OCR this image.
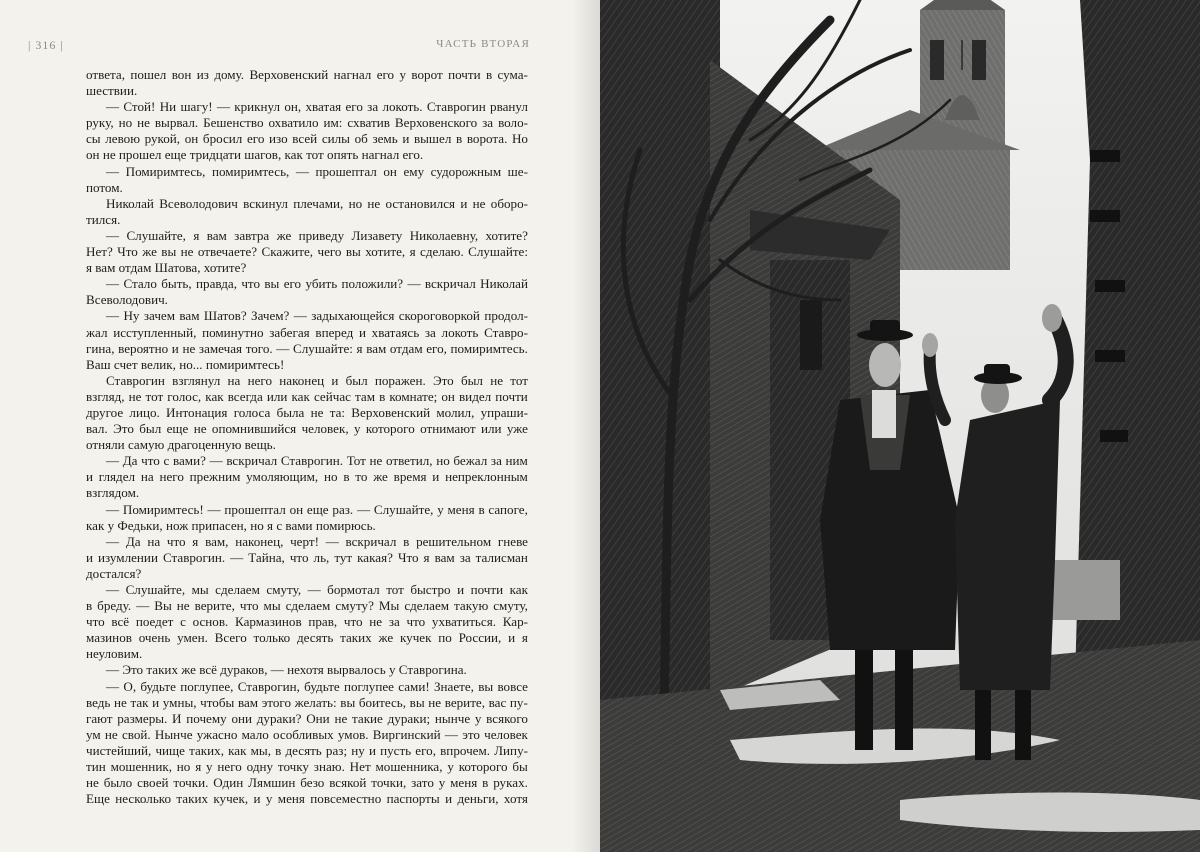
| 316 |	ЧАСТЬ ВТОРАЯ
ответа, пошел вон из дому. Верховенский нагнал его у ворот почти в сума-
шествии.
— Стой! Ни шагу! — крикнул он, хватая его за локоть. Ставрогин рванул
руку, но не вырвал. Бешенство охватило им: схватив Верховенского за воло-
сы левою рукой, он бросил его изо всей силы об земь и вышел в ворота. Но
он не прошел еще тридцати шагов, как тот опять нагнал его.
— Помиримтесь, помиримтесь, — прошептал он ему судорожным ше-
потом.
Николай Всеволодович вскинул плечами, но не остановился и не оборо-
тился.
— Слушайте, я вам завтра же приведу Лизавету Николаевну, хотите?
Нет? Что же вы не отвечаете? Скажите, чего вы хотите, я сделаю. Слушайте:
я вам отдам Шатова, хотите?
— Стало быть, правда, что вы его убить положили? — вскричал Николай
Всеволодович.
— Ну зачем вам Шатов? Зачем? — задыхающейся скороговоркой продол-
жал исступленный, поминутно забегая вперед и хватаясь за локоть Ставро-
гина, вероятно и не замечая того. — Слушайте: я вам отдам его, помиримтесь.
Ваш счет велик, но... помиримтесь!
Ставрогин взглянул на него наконец и был поражен. Это был не тот
взгляд, не тот голос, как всегда или как сейчас там в комнате; он видел почти
другое лицо. Интонация голоса была не та: Верховенский молил, упраши-
вал. Это был еще не опомнившийся человек, у которого отнимают или уже
отняли самую драгоценную вещь.
— Да что с вами? — вскричал Ставрогин. Тот не ответил, но бежал за ним
и глядел на него прежним умоляющим, но в то же время и непреклонным
взглядом.
— Помиримтесь! — прошептал он еще раз. — Слушайте, у меня в сапоге,
как у Федьки, нож припасен, но я с вами помирюсь.
— Да на что я вам, наконец, черт! — вскричал в решительном гневе
и изумлении Ставрогин. — Тайна, что ль, тут какая? Что я вам за талисман
достался?
— Слушайте, мы сделаем смуту, — бормотал тот быстро и почти как
в бреду. — Вы не верите, что мы сделаем смуту? Мы сделаем такую смуту,
что всё поедет с основ. Кармазинов прав, что не за что ухватиться. Кар-
мазинов очень умен. Всего только десять таких же кучек по России, и я
неуловим.
— Это таких же всё дураков, — нехотя вырвалось у Ставрогина.
— О, будьте поглупее, Ставрогин, будьте поглупее сами! Знаете, вы вовсе
ведь не так и умны, чтобы вам этого желать: вы боитесь, вы не верите, вас пу-
гают размеры. И почему они дураки? Они не такие дураки; нынче у всякого
ум не свой. Нынче ужасно мало особливых умов. Виргинский — это человек
чистейший, чище таких, как мы, в десять раз; ну и пусть его, впрочем. Липу-
тин мошенник, но я у него одну точку знаю. Нет мошенника, у которого бы
не было своей точки. Один Лямшин безо всякой точки, зато у меня в руках.
Еще несколько таких кучек, и у меня повсеместно паспорты и деньги, хотя
